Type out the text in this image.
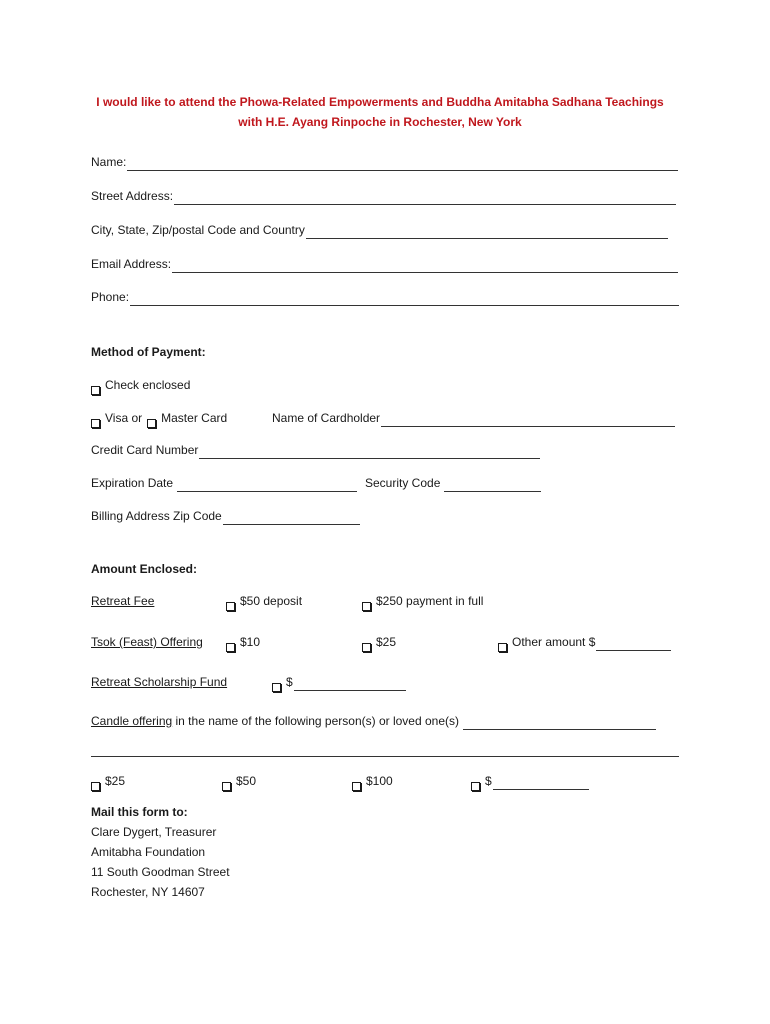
I would like to attend the Phowa-Related Empowerments and Buddha Amitabha Sadhana Teachings
with H.E. Ayang Rinpoche in Rochester, New York
Name:
Street Address:
City, State, Zip/postal Code and Country
Email Address:
Phone:
Method of Payment:
Check enclosed
Visa or Master Card	Name of Cardholder
Credit Card Number
Expiration Date	Security Code
Billing Address Zip Code
Amount Enclosed:
Retreat Fee	$50 deposit	$250 payment in full
Tsok (Feast) Offering	$10	$25	Other amount $
Retreat Scholarship Fund	$
Candle offering in the name of the following person(s) or loved one(s)
$25	$50	$100	$
Mail this form to:
Clare Dygert, Treasurer
Amitabha Foundation
11 South Goodman Street
Rochester, NY 14607
